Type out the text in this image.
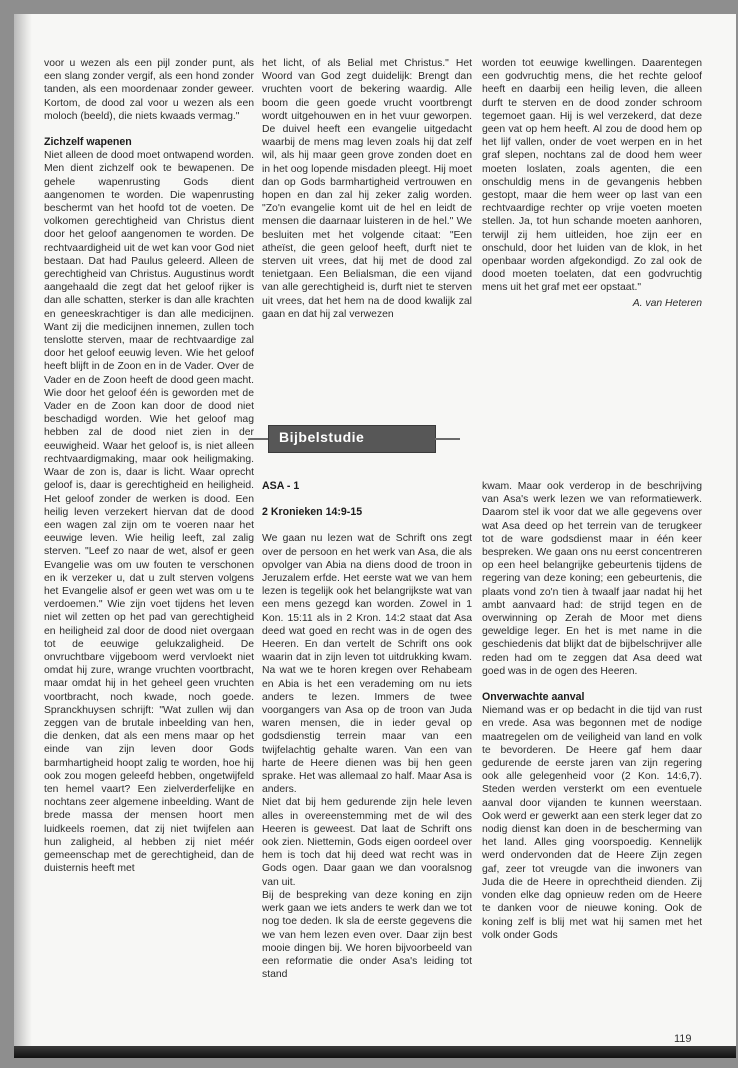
voor u wezen als een pijl zonder punt, als een slang zonder vergif, als een hond zonder tanden, als een moordenaar zonder geweer. Kortom, de dood zal voor u wezen als een moloch (beeld), die niets kwaads vermag."

Zichzelf wapenen

Niet alleen de dood moet ontwapend worden. Men dient zichzelf ook te bewapenen. De gehele wapenrusting Gods dient aangenomen te worden. Die wapenrusting beschermt van het hoofd tot de voeten. De volkomen gerechtigheid van Christus dient door het geloof aangenomen te worden. De rechtvaardigheid uit de wet kan voor God niet bestaan. Dat had Paulus geleerd. Alleen de gerechtigheid van Christus. Augustinus wordt aangehaald die zegt dat het geloof rijker is dan alle schatten, sterker is dan alle krachten en geneeskrachtiger is dan alle medicijnen. Want zij die medicijnen innemen, zullen toch tenslotte sterven, maar de rechtvaardige zal door het geloof eeuwig leven. Wie het geloof heeft blijft in de Zoon en in de Vader. Over de Vader en de Zoon heeft de dood geen macht. Wie door het geloof één is geworden met de Vader en de Zoon kan door de dood niet beschadigd worden. Wie het geloof mag hebben zal de dood niet zien in der eeuwigheid. Waar het geloof is, is niet alleen rechtvaardigmaking, maar ook heiligmaking. Waar de zon is, daar is licht. Waar oprecht geloof is, daar is gerechtigheid en heiligheid. Het geloof zonder de werken is dood. Een heilig leven verzekert hiervan dat de dood een wagen zal zijn om te voeren naar het eeuwige leven. Wie heilig leeft, zal zalig sterven. "Leef zo naar de wet, alsof er geen Evangelie was om uw fouten te verschonen en ik verzeker u, dat u zult sterven volgens het Evangelie alsof er geen wet was om u te verdoemen." Wie zijn voet tijdens het leven niet wil zetten op het pad van gerechtigheid en heiligheid zal door de dood niet overgaan tot de eeuwige gelukzaligheid. De onvruchtbare vijgeboom werd vervloekt niet omdat hij zure, wrange vruchten voortbracht, maar omdat hij in het geheel geen vruchten voortbracht, noch kwade, noch goede. Spranckhuysen schrijft: "Wat zullen wij dan zeggen van de brutale inbeelding van hen, die denken, dat als een mens maar op het einde van zijn leven door Gods barmhartigheid hoopt zalig te worden, hoe hij ook zou mogen geleefd hebben, ongetwijfeld ten hemel vaart? Een zielverderfelijke en nochtans zeer algemene inbeelding. Want de brede massa der mensen hoort men luidkeels roemen, dat zij niet twijfelen aan hun zaligheid, al hebben zij niet méér gemeenschap met de gerechtigheid, dan de duisternis heeft met

het licht, of als Belial met Christus." Het Woord van God zegt duidelijk: Brengt dan vruchten voort de bekering waardig. Alle boom die geen goede vrucht voortbrengt wordt uitgehouwen en in het vuur geworpen. De duivel heeft een evangelie uitgedacht waarbij de mens mag leven zoals hij dat zelf wil, als hij maar geen grove zonden doet en in het oog lopende misdaden pleegt. Hij moet dan op Gods barmhartigheid vertrouwen en hopen en dan zal hij zeker zalig worden. "Zo'n evangelie komt uit de hel en leidt de mensen die daarnaar luisteren in de hel." We besluiten met het volgende citaat: "Een atheïst, die geen geloof heeft, durft niet te sterven uit vrees, dat hij met de dood zal tenietgaan. Een Belialsman, die een vijand van alle gerechtigheid is, durft niet te sterven uit vrees, dat het hem na de dood kwalijk zal gaan en dat hij zal verwezen

worden tot eeuwige kwellingen. Daarentegen een godvruchtig mens, die het rechte geloof heeft en daarbij een heilig leven, die alleen durft te sterven en de dood zonder schroom tegemoet gaan. Hij is wel verzekerd, dat deze geen vat op hem heeft. Al zou de dood hem op het lijf vallen, onder de voet werpen en in het graf slepen, nochtans zal de dood hem weer moeten loslaten, zoals agenten, die een onschuldig mens in de gevangenis hebben gestopt, maar die hem weer op last van een rechtvaardige rechter op vrije voeten moeten stellen. Ja, tot hun schande moeten aanhoren, terwijl zij hem uitleiden, hoe zijn eer en onschuld, door het luiden van de klok, in het openbaar worden afgekondigd. Zo zal ook de dood moeten toelaten, dat een godvruchtig mens uit het graf met eer opstaat."

A. van Heteren
Bijbelstudie
ASA - 1
2 Kronieken 14:9-15

We gaan nu lezen wat de Schrift ons zegt over de persoon en het werk van Asa, die als opvolger van Abia na diens dood de troon in Jeruzalem erfde. Het eerste wat we van hem lezen is tegelijk ook het belangrijkste wat van een mens gezegd kan worden. Zowel in 1 Kon. 15:11 als in 2 Kron. 14:2 staat dat Asa deed wat goed en recht was in de ogen des Heeren. En dan vertelt de Schrift ons ook waarin dat in zijn leven tot uitdrukking kwam. Na wat we te horen kregen over Rehabeam en Abia is het een verademing om nu iets anders te lezen. Immers de twee voorgangers van Asa op de troon van Juda waren mensen, die in ieder geval op godsdienstig terrein maar van een twijfelachtig gehalte waren. Van een van harte de Heere dienen was bij hen geen sprake. Het was allemaal zo half. Maar Asa is anders.

Niet dat bij hem gedurende zijn hele leven alles in overeenstemming met de wil des Heeren is geweest. Dat laat de Schrift ons ook zien. Niettemin, Gods eigen oordeel over hem is toch dat hij deed wat recht was in Gods ogen. Daar gaan we dan vooralsnog van uit.

Bij de bespreking van deze koning en zijn werk gaan we iets anders te werk dan we tot nog toe deden. Ik sla de eerste gegevens die we van hem lezen even over. Daar zijn best mooie dingen bij. We horen bijvoorbeeld van een reformatie die onder Asa's leiding tot stand

kwam. Maar ook verderop in de beschrijving van Asa's werk lezen we van reformatiewerk. Daarom stel ik voor dat we alle gegevens over wat Asa deed op het terrein van de terugkeer tot de ware godsdienst maar in één keer bespreken. We gaan ons nu eerst concentreren op een heel belangrijke gebeurtenis tijdens de regering van deze koning; een gebeurtenis, die plaats vond zo'n tien à twaalf jaar nadat hij het ambt aanvaard had: de strijd tegen en de overwinning op Zerah de Moor met diens geweldige leger. En het is met name in die geschiedenis dat blijkt dat de bijbelschrijver alle reden had om te zeggen dat Asa deed wat goed was in de ogen des Heeren.

Onverwachte aanval

Niemand was er op bedacht in die tijd van rust en vrede. Asa was begonnen met de nodige maatregelen om de veiligheid van land en volk te bevorderen. De Heere gaf hem daar gedurende de eerste jaren van zijn regering ook alle gelegenheid voor (2 Kon. 14:6,7). Steden werden versterkt om een eventuele aanval door vijanden te kunnen weerstaan. Ook werd er gewerkt aan een sterk leger dat zo nodig dienst kan doen in de bescherming van het land. Alles ging voorspoedig. Kennelijk werd ondervonden dat de Heere Zijn zegen gaf, zeer tot vreugde van die inwoners van Juda die de Heere in oprechtheid dienden. Zij vonden elke dag opnieuw reden om de Heere te danken voor de nieuwe koning. Ook de koning zelf is blij met wat hij samen met het volk onder Gods

119
